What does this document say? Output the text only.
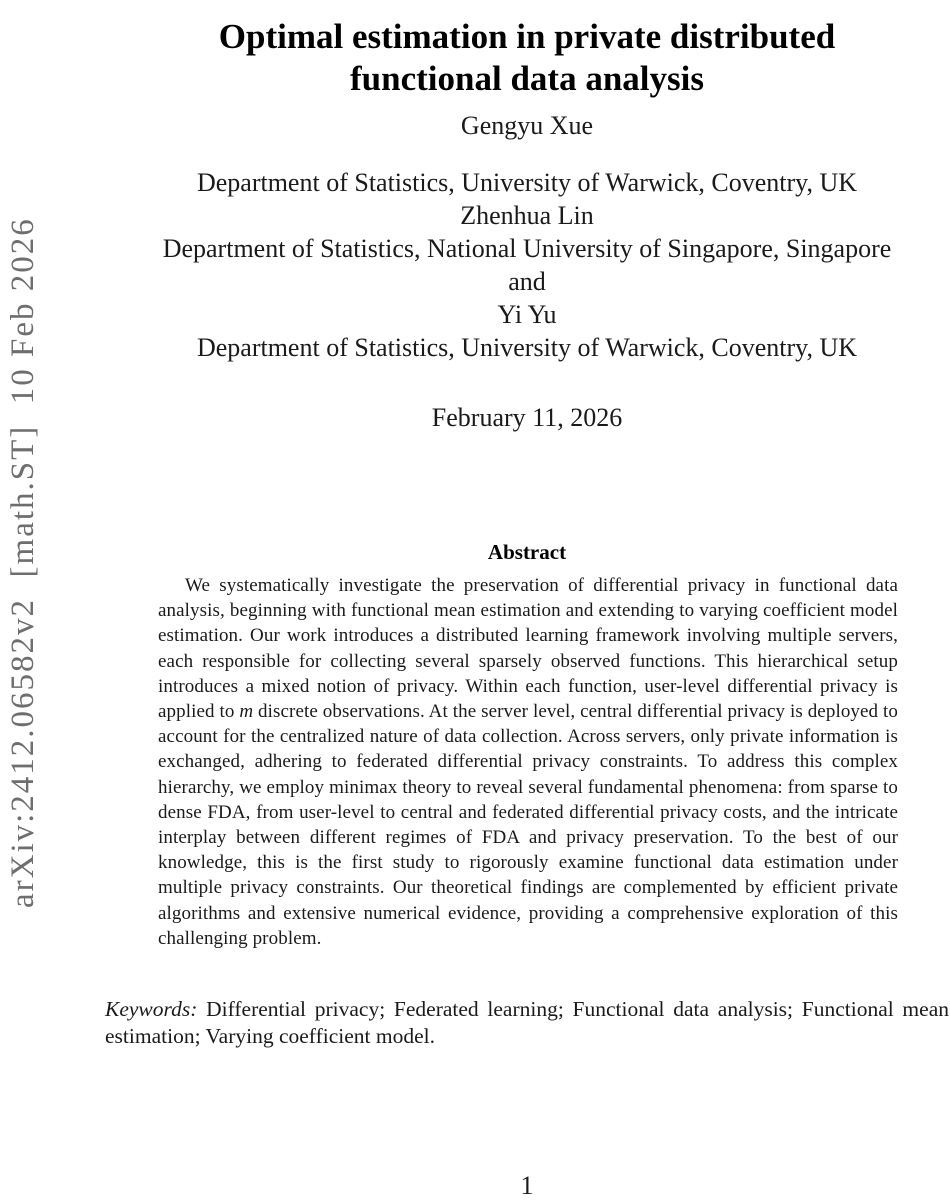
arXiv:2412.06582v2  [math.ST]  10 Feb 2026
Optimal estimation in private distributed
functional data analysis
Gengyu Xue
Department of Statistics, University of Warwick, Coventry, UK
Zhenhua Lin
Department of Statistics, National University of Singapore, Singapore
and
Yi Yu
Department of Statistics, University of Warwick, Coventry, UK
February 11, 2026
Abstract

We systematically investigate the preservation of differential privacy in functional data analysis, beginning with functional mean estimation and extending to varying coefficient model estimation. Our work introduces a distributed learning framework involving multiple servers, each responsible for collecting several sparsely observed functions. This hierarchical setup introduces a mixed notion of privacy. Within each function, user-level differential privacy is applied to m discrete observations. At the server level, central differential privacy is deployed to account for the centralized nature of data collection. Across servers, only private information is exchanged, adhering to federated differential privacy constraints. To address this complex hierarchy, we employ minimax theory to reveal several fundamental phenomena: from sparse to dense FDA, from user-level to central and federated differential privacy costs, and the intricate interplay between different regimes of FDA and privacy preservation. To the best of our knowledge, this is the first study to rigorously examine functional data estimation under multiple privacy constraints. Our theoretical findings are complemented by efficient private algorithms and extensive numerical evidence, providing a comprehensive exploration of this challenging problem.

Keywords: Differential privacy; Federated learning; Functional data analysis; Functional mean estimation; Varying coefficient model.

1
